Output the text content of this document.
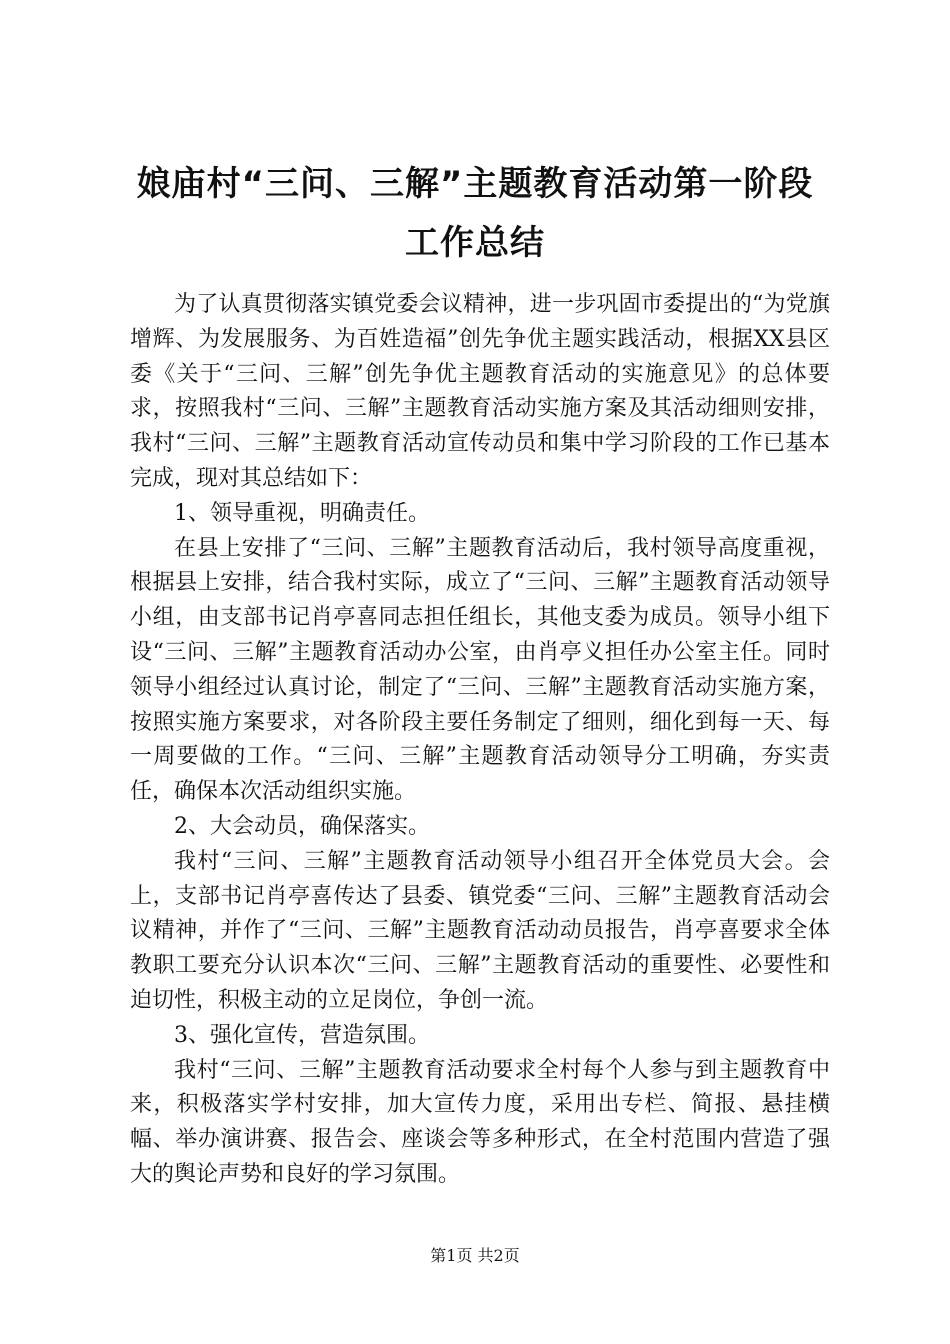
娘庙村“三问、三解”主题教育活动第一阶段
工作总结

为了认真贯彻落实镇党委会议精神，进一步巩固市委提出的“为党旗增辉、为发展服务、为百姓造福”创先争优主题实践活动，根据XX县区委《关于“三问、三解”创先争优主题教育活动的实施意见》的总体要求，按照我村“三问、三解”主题教育活动实施方案及其活动细则安排，我村“三问、三解”主题教育活动宣传动员和集中学习阶段的工作已基本完成，现对其总结如下：

1、领导重视，明确责任。

在县上安排了“三问、三解”主题教育活动后，我村领导高度重视，根据县上安排，结合我村实际，成立了“三问、三解”主题教育活动领导小组，由支部书记肖亭喜同志担任组长，其他支委为成员。领导小组下设“三问、三解”主题教育活动办公室，由肖亭义担任办公室主任。同时领导小组经过认真讨论，制定了“三问、三解”主题教育活动实施方案，按照实施方案要求，对各阶段主要任务制定了细则，细化到每一天、每一周要做的工作。“三问、三解”主题教育活动领导分工明确，夯实责任，确保本次活动组织实施。

2、大会动员，确保落实。

我村“三问、三解”主题教育活动领导小组召开全体党员大会。会上，支部书记肖亭喜传达了县委、镇党委“三问、三解”主题教育活动会议精神，并作了“三问、三解”主题教育活动动员报告，肖亭喜要求全体教职工要充分认识本次“三问、三解”主题教育活动的重要性、必要性和迫切性，积极主动的立足岗位，争创一流。

3、强化宣传，营造氛围。

我村“三问、三解”主题教育活动要求全村每个人参与到主题教育中来，积极落实学村安排，加大宣传力度，采用出专栏、简报、悬挂横幅、举办演讲赛、报告会、座谈会等多种形式，在全村范围内营造了强大的舆论声势和良好的学习氛围。

第1页 共2页
